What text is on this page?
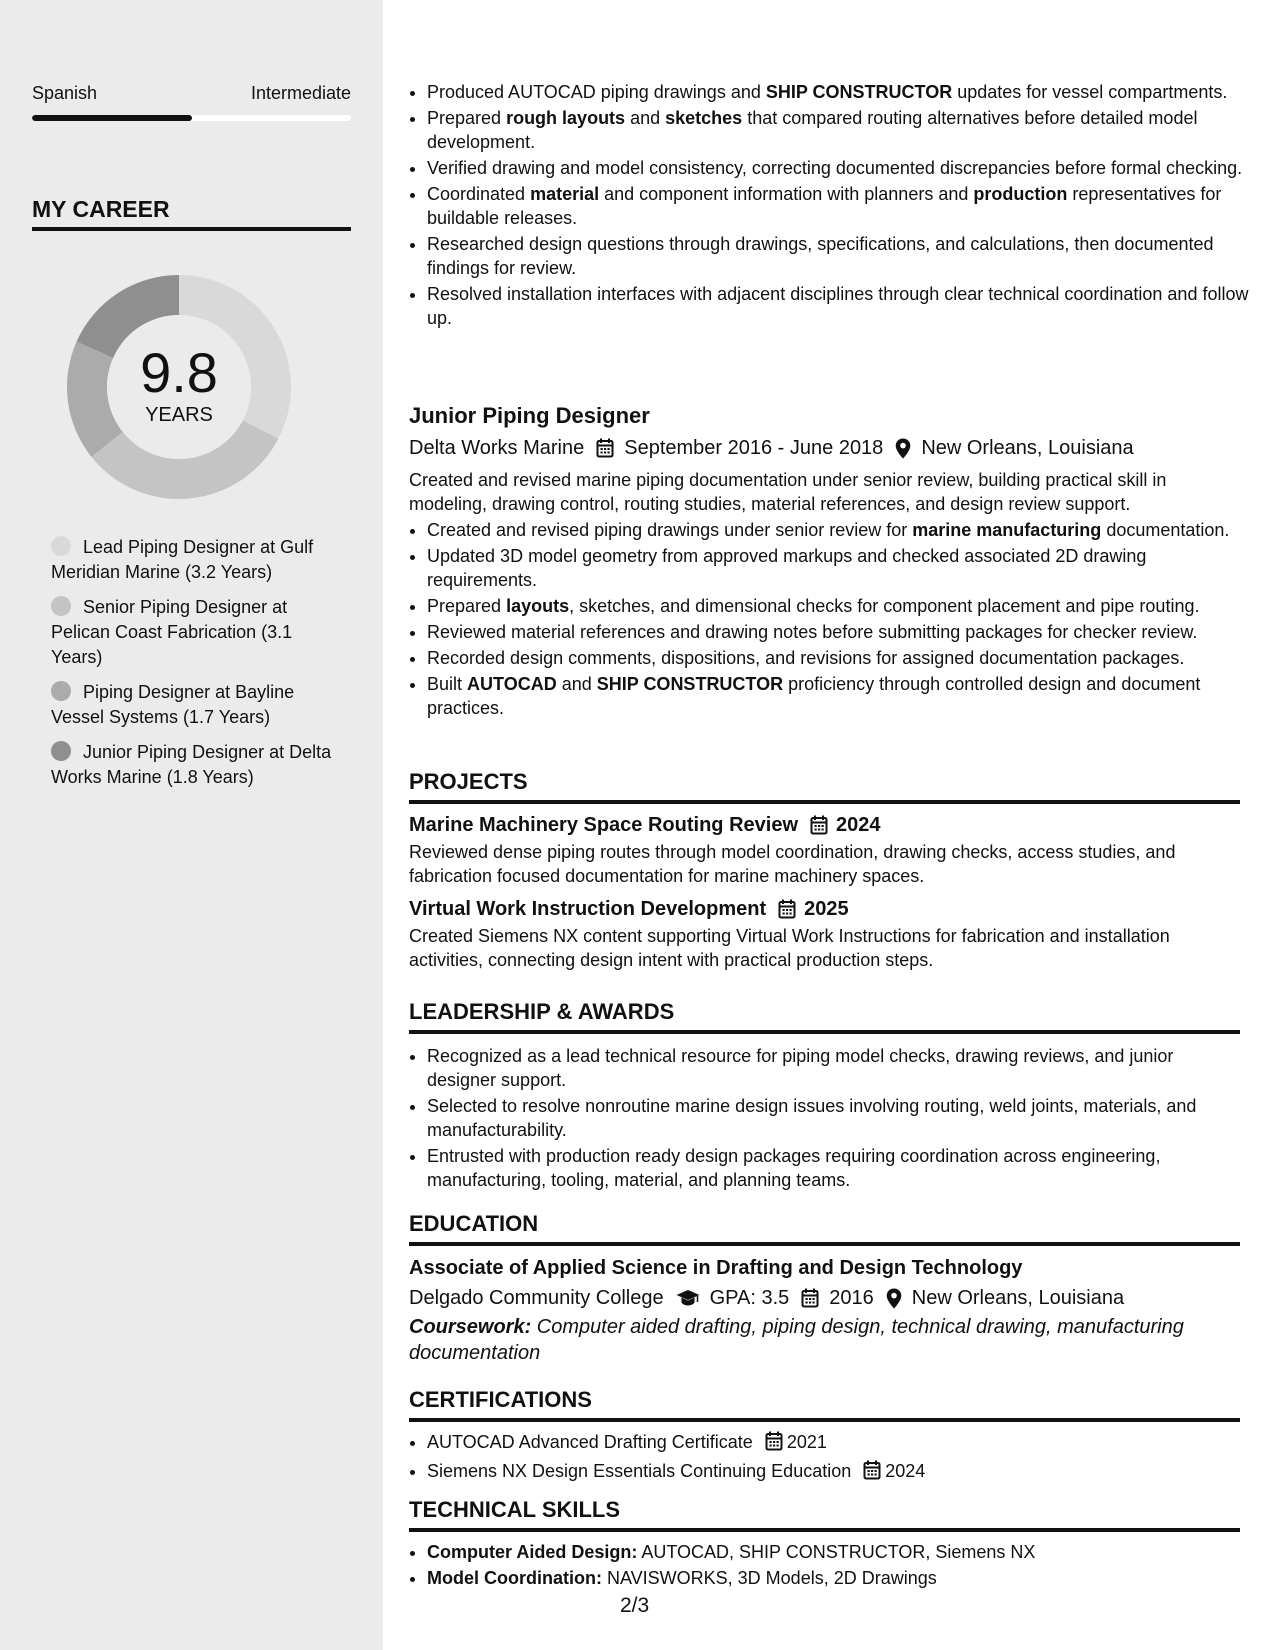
Spanish	Intermediate
MY CAREER
9.8
YEARS
Lead Piping Designer at Gulf Meridian Marine (3.2 Years)
Senior Piping Designer at Pelican Coast Fabrication (3.1 Years)
Piping Designer at Bayline Vessel Systems (1.7 Years)
Junior Piping Designer at Delta Works Marine (1.8 Years)
• Produced AUTOCAD piping drawings and SHIP CONSTRUCTOR updates for vessel compartments.
• Prepared rough layouts and sketches that compared routing alternatives before detailed model development.
• Verified drawing and model consistency, correcting documented discrepancies before formal checking.
• Coordinated material and component information with planners and production representatives for buildable releases.
• Researched design questions through drawings, specifications, and calculations, then documented findings for review.
• Resolved installation interfaces with adjacent disciplines through clear technical coordination and follow up.
Junior Piping Designer
Delta Works Marine September 2016 - June 2018 New Orleans, Louisiana
Created and revised marine piping documentation under senior review, building practical skill in modeling, drawing control, routing studies, material references, and design review support.
• Created and revised piping drawings under senior review for marine manufacturing documentation.
• Updated 3D model geometry from approved markups and checked associated 2D drawing requirements.
• Prepared layouts, sketches, and dimensional checks for component placement and pipe routing.
• Reviewed material references and drawing notes before submitting packages for checker review.
• Recorded design comments, dispositions, and revisions for assigned documentation packages.
• Built AUTOCAD and SHIP CONSTRUCTOR proficiency through controlled design and document practices.
PROJECTS
Marine Machinery Space Routing Review 2024
Reviewed dense piping routes through model coordination, drawing checks, access studies, and fabrication focused documentation for marine machinery spaces.
Virtual Work Instruction Development 2025
Created Siemens NX content supporting Virtual Work Instructions for fabrication and installation activities, connecting design intent with practical production steps.
LEADERSHIP & AWARDS
• Recognized as a lead technical resource for piping model checks, drawing reviews, and junior designer support.
• Selected to resolve nonroutine marine design issues involving routing, weld joints, materials, and manufacturability.
• Entrusted with production ready design packages requiring coordination across engineering, manufacturing, tooling, material, and planning teams.
EDUCATION
Associate of Applied Science in Drafting and Design Technology
Delgado Community College GPA: 3.5 2016 New Orleans, Louisiana
Coursework: Computer aided drafting, piping design, technical drawing, manufacturing documentation
CERTIFICATIONS
• AUTOCAD Advanced Drafting Certificate 2021
• Siemens NX Design Essentials Continuing Education 2024
TECHNICAL SKILLS
• Computer Aided Design: AUTOCAD, SHIP CONSTRUCTOR, Siemens NX
• Model Coordination: NAVISWORKS, 3D Models, 2D Drawings
2/3
